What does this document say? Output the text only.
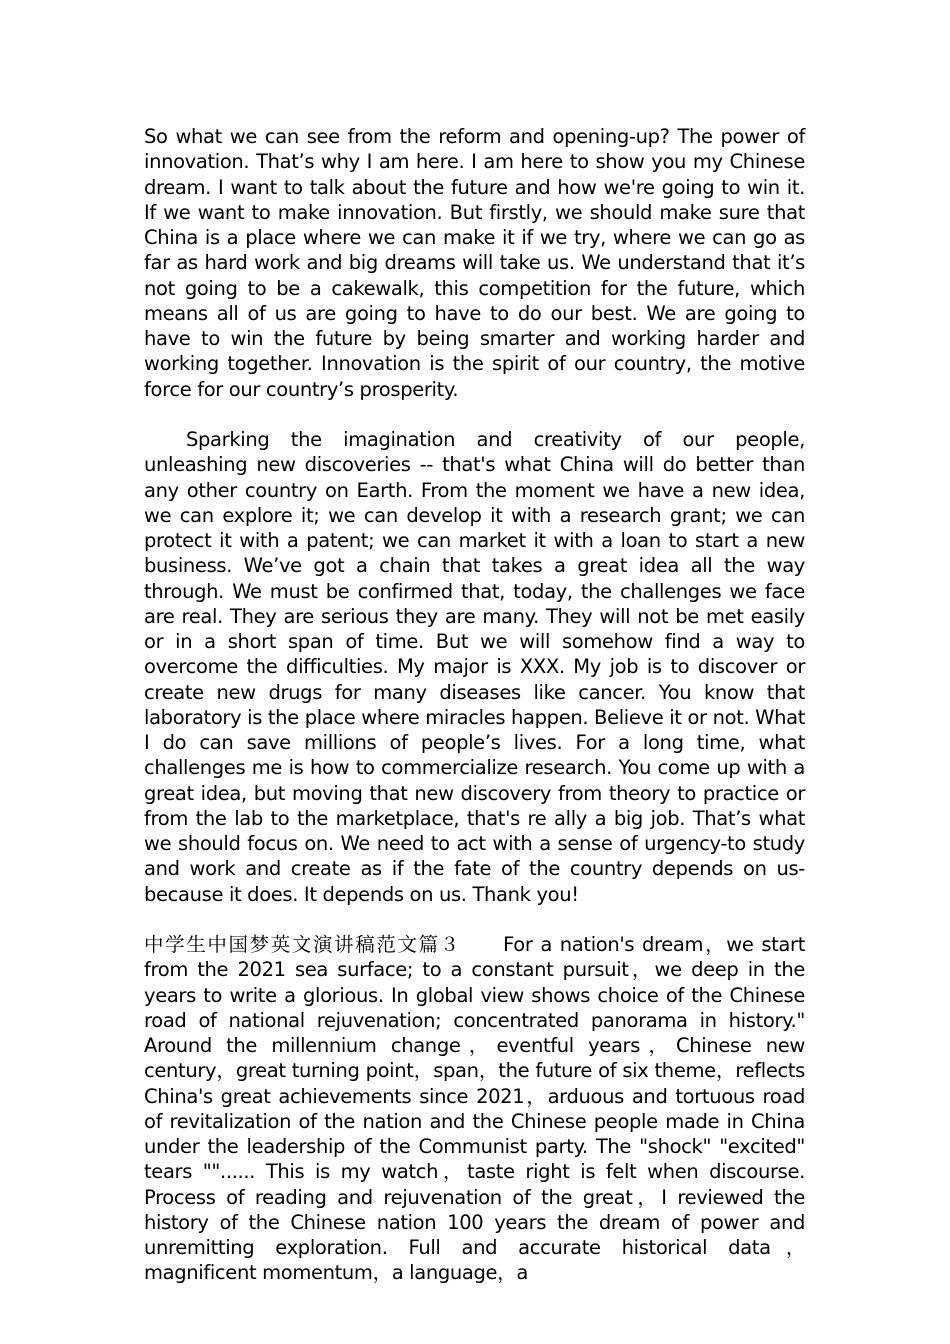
So what we can see from the reform and opening-up? The power of innovation. That’s why I am here. I am here to show you my Chinese dream. I want to talk about the future and how we're going to win it. If we want to make innovation. But firstly, we should make sure that China is a place where we can make it if we try, where we can go as far as hard work and big dreams will take us. We understand that it’s not going to be a cakewalk, this competition for the future, which means all of us are going to have to do our best. We are going to have to win the future by being smarter and working harder and working together. Innovation is the spirit of our country, the motive force for our country’s prosperity.

Sparking the imagination and creativity of our people, unleashing new discoveries -- that's what China will do better than any other country on Earth. From the moment we have a new idea, we can explore it; we can develop it with a research grant; we can protect it with a patent; we can market it with a loan to start a new business. We’ve got a chain that takes a great idea all the way through. We must be confirmed that, today, the challenges we face are real. They are serious they are many. They will not be met easily or in a short span of time. But we will somehow find a way to overcome the difficulties. My major is XXX. My job is to discover or create new drugs for many diseases like cancer. You know that laboratory is the place where miracles happen. Believe it or not. What I do can save millions of people’s lives. For a long time, what challenges me is how to commercialize research. You come up with a great idea, but moving that new discovery from theory to practice or from the lab to the marketplace, that's re ally a big job. That’s what we should focus on. We need to act with a sense of urgency-to study and work and create as if the fate of the country depends on us-because it does. It depends on us. Thank you!

中学生中国梦英文演讲稿范文篇３　　For a nation's dream，we start from the 2021 sea surface; to a constant pursuit，we deep in the years to write a glorious. In global view shows choice of the Chinese road of national rejuvenation; concentrated panorama in history." Around the millennium change，eventful years，Chinese new century，great turning point，span，the future of six theme，reflects China's great achievements since 2021，arduous and tortuous road of revitalization of the nation and the Chinese people made in China under the leadership of the Communist party. The "shock" "excited" tears ""...... This is my watch，taste right is felt when discourse. Process of reading and rejuvenation of the great，I reviewed the history of the Chinese nation 100 years the dream of power and unremitting exploration. Full and accurate historical data，magnificent momentum，a language，a
